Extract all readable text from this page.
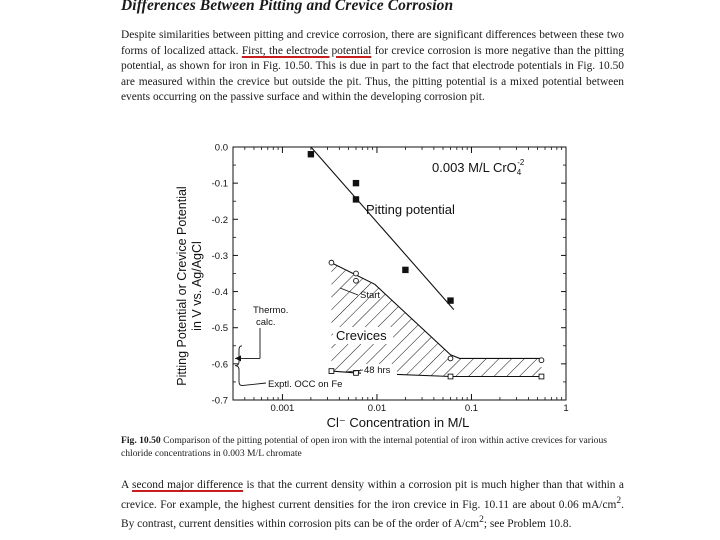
Differences Between Pitting and Crevice Corrosion

Despite similarities between pitting and crevice corrosion, there are significant differences between these two forms of localized attack. First, the electrode potential for crevice corrosion is more negative than the pitting potential, as shown for iron in Fig. 10.50. This is due in part to the fact that electrode potentials in Fig. 10.50 are measured within the crevice but outside the pit. Thus, the pitting potential is a mixed potential between events occurring on the passive surface and within the developing corrosion pit.

Pitting Potential or Crevice Potential in V vs. Ag/AgCl
0.0
-0.1
-0.2
-0.3
-0.4
-0.5
-0.6
-0.7
0.001	0.01	0.1	1
Cl⁻ Concentration in M/L
0.003 M/L CrO$_4$-2
Pitting potential
Start
Crevices
48 hrs
Thermo.
calc.
Exptl. OCC on Fe

Fig. 10.50 Comparison of the pitting potential of open iron with the internal potential of iron within active crevices for various chloride concentrations in 0.003 M/L chromate

A second major difference is that the current density within a corrosion pit is much higher than that within a crevice. For example, the highest current densities for the iron crevice in Fig. 10.11 are about 0.06 $mA/cm^2$. By contrast, current densities within corrosion pits can be of the order of $A/cm^2$; see Problem 10.8.
